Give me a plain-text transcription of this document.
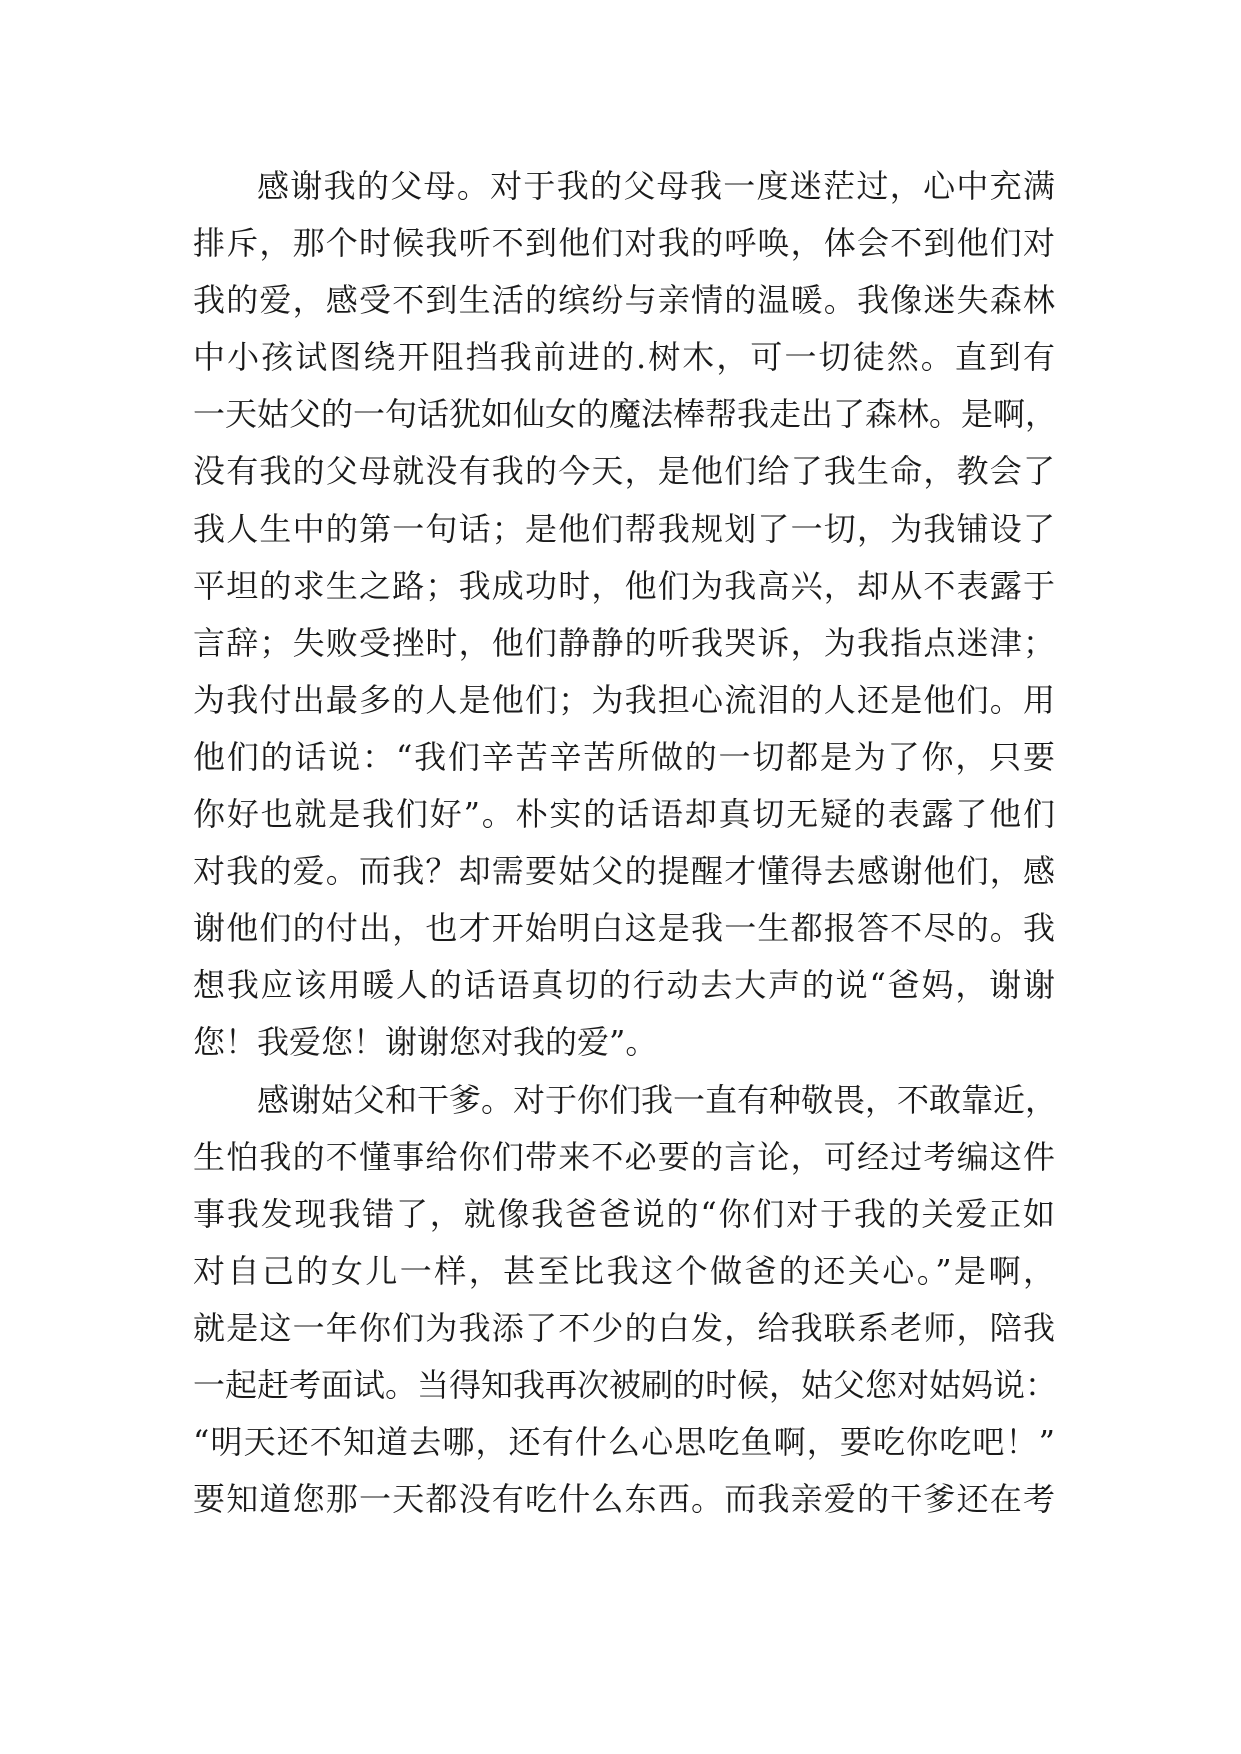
感谢我的父母。对于我的父母我一度迷茫过，心中充满
排斥，那个时候我听不到他们对我的呼唤，体会不到他们对
我的爱，感受不到生活的缤纷与亲情的温暖。我像迷失森林
中小孩试图绕开阻挡我前进的.树木，可一切徒然。直到有
一天姑父的一句话犹如仙女的魔法棒帮我走出了森林。是啊，
没有我的父母就没有我的今天，是他们给了我生命，教会了
我人生中的第一句话；是他们帮我规划了一切，为我铺设了
平坦的求生之路；我成功时，他们为我高兴，却从不表露于
言辞；失败受挫时，他们静静的听我哭诉，为我指点迷津；
为我付出最多的人是他们；为我担心流泪的人还是他们。用
他们的话说：“我们辛苦辛苦所做的一切都是为了你，只要
你好也就是我们好”。朴实的话语却真切无疑的表露了他们
对我的爱。而我？却需要姑父的提醒才懂得去感谢他们，感
谢他们的付出，也才开始明白这是我一生都报答不尽的。我
想我应该用暖人的话语真切的行动去大声的说“爸妈，谢谢
您！我爱您！谢谢您对我的爱”。
感谢姑父和干爹。对于你们我一直有种敬畏，不敢靠近，
生怕我的不懂事给你们带来不必要的言论，可经过考编这件
事我发现我错了，就像我爸爸说的“你们对于我的关爱正如
对自己的女儿一样，甚至比我这个做爸的还关心。”是啊，
就是这一年你们为我添了不少的白发，给我联系老师，陪我
一起赶考面试。当得知我再次被刷的时候，姑父您对姑妈说：
“明天还不知道去哪，还有什么心思吃鱼啊，要吃你吃吧！”
要知道您那一天都没有吃什么东西。而我亲爱的干爹还在考
